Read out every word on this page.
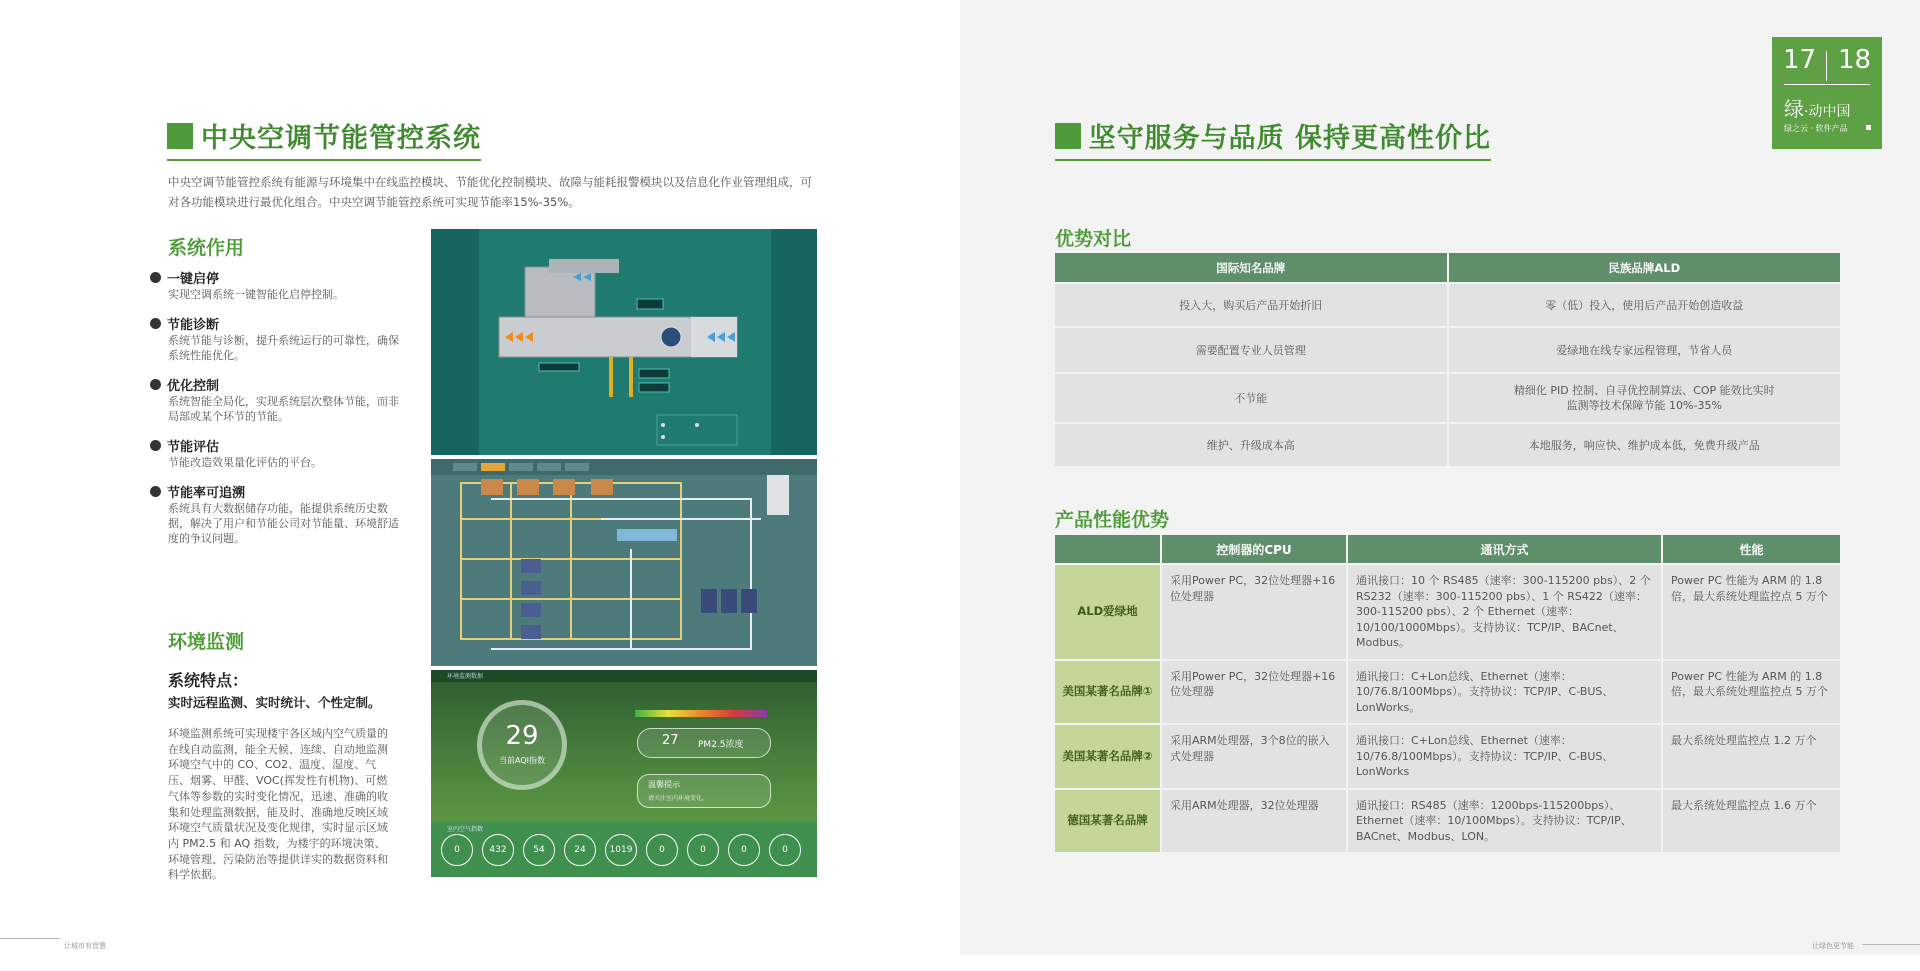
中央空调节能管控系统
中央空调节能管控系统有能源与环境集中在线监控模块、节能优化控制模块、故障与能耗报警模块以及信息化作业管理组成，可对各功能模块进行最优化组合。中央空调节能管控系统可实现节能率15%-35%。
系统作用
一键启停
实现空调系统一键智能化启停控制。
节能诊断
系统节能与诊断，提升系统运行的可靠性，确保系统性能优化。
优化控制
系统智能全局化，实现系统层次整体节能，而非局部或某个环节的节能。
节能评估
节能改造效果量化评估的平台。
节能率可追溯
系统具有大数据储存功能，能提供系统历史数据，解决了用户和节能公司对节能量、环境舒适度的争议问题。
环境监测
系统特点：
实时远程监测、实时统计、个性定制。
环境监测系统可实现楼宇各区域内空气质量的在线自动监测，能全天候、连续、自动地监测环境空气中的 CO、CO2、温度、湿度、气压、烟雾、甲醛、VOC(挥发性有机物)、可燃气体等参数的实时变化情况，迅速、准确的收集和处理监测数据，能及时、准确地反映区域环境空气质量状况及变化规律，实时显示区域内 PM2.5 和 AQ 指数，为楼宇的环境决策、环境管理、污染防治等提供详实的数据资料和科学依据。
环境监测数据
29
当前AQI指数
27 PM2.5浓度
温馨提示
请关注室内环境变化。
室内空气指数
0	432	54	24	1019	0	0	0	0
让城市有智慧
坚守服务与品质 保持更高性价比
17 18
绿·动中国
绿之云 · 软件产品
优势对比
国际知名品牌	民族品牌ALD
投入大，购买后产品开始折旧	零（低）投入，使用后产品开始创造收益
需要配置专业人员管理	爱绿地在线专家远程管理，节省人员
不节能	精细化 PID 控制、自寻优控制算法、COP 能效比实时监测等技术保障节能 10%-35%
维护、升级成本高	本地服务，响应快、维护成本低，免费升级产品
产品性能优势
	控制器的CPU	通讯方式	性能
ALD爱绿地	采用Power PC，32位处理器+16位处理器	通讯接口：10 个 RS485（速率：300-115200 pbs）、2 个 RS232（速率：300-115200 pbs）、1 个 RS422（速率：300-115200 pbs）、2 个 Ethernet（速率：10/100/1000Mbps）。支持协议：TCP/IP、BACnet、Modbus。	Power PC 性能为 ARM 的 1.8 倍，最大系统处理监控点 5 万个
美国某著名品牌①	采用Power PC，32位处理器+16位处理器	通讯接口：C+Lon总线、Ethernet（速率：10/76.8/100Mbps）。支持协议：TCP/IP、C-BUS、LonWorks。	Power PC 性能为 ARM 的 1.8 倍，最大系统处理监控点 5 万个
美国某著名品牌②	采用ARM处理器，3个8位的嵌入式处理器	通讯接口：C+Lon总线、Ethernet（速率：10/76.8/100Mbps）。支持协议：TCP/IP、C-BUS、LonWorks	最大系统处理监控点 1.2 万个
德国某著名品牌	采用ARM处理器，32位处理器	通讯接口：RS485（速率：1200bps-115200bps）、Ethernet（速率：10/100Mbps）。支持协议：TCP/IP、BACnet、Modbus、LON。	最大系统处理监控点 1.6 万个
让绿色更节能
